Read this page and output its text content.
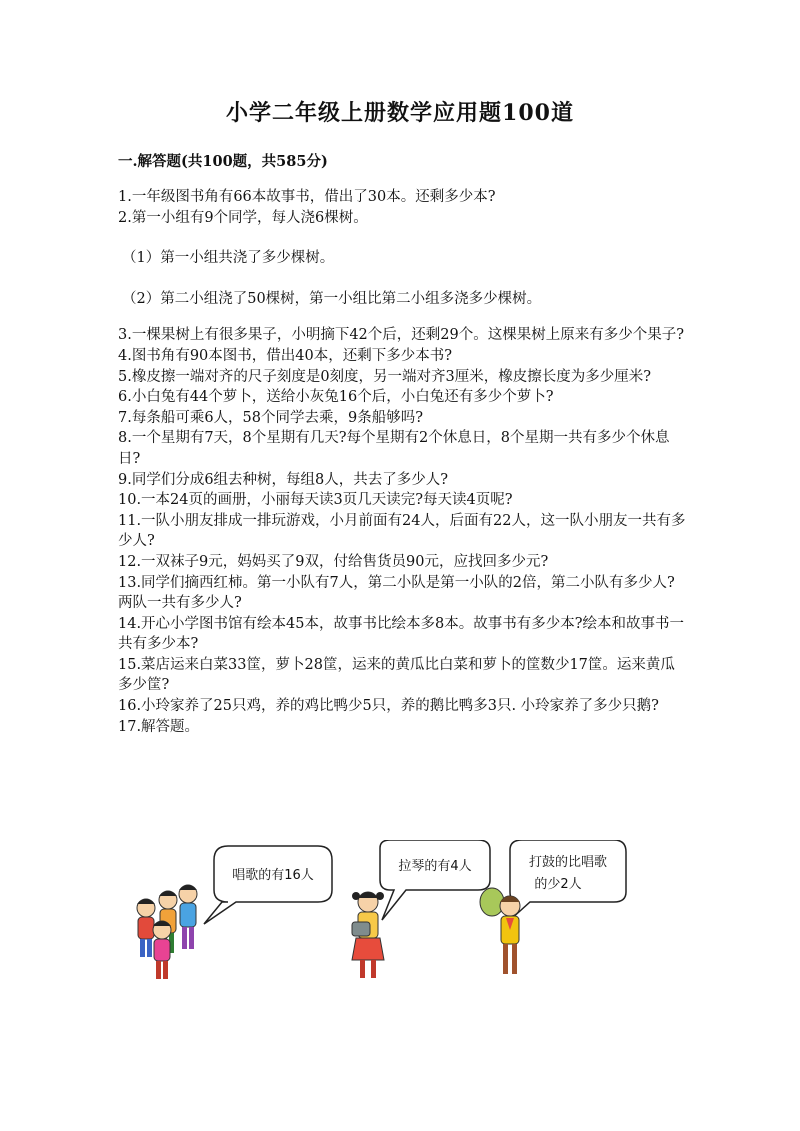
小学二年级上册数学应用题100道
一.解答题(共100题，共585分)

1.一年级图书角有66本故事书，借出了30本。还剩多少本?

2.第一小组有9个同学，每人浇6棵树。

（1）第一小组共浇了多少棵树。

（2）第二小组浇了50棵树，第一小组比第二小组多浇多少棵树。

3.一棵果树上有很多果子，小明摘下42个后，还剩29个。这棵果树上原来有多少个果子?

4.图书角有90本图书，借出40本，还剩下多少本书?

5.橡皮擦一端对齐的尺子刻度是0刻度，另一端对齐3厘米，橡皮擦长度为多少厘米?

6.小白兔有44个萝卜，送给小灰兔16个后，小白兔还有多少个萝卜?

7.每条船可乘6人，58个同学去乘，9条船够吗?

8.一个星期有7天，8个星期有几天?每个星期有2个休息日，8个星期一共有多少个休息日?

9.同学们分成6组去种树，每组8人，共去了多少人?

10.一本24页的画册，小丽每天读3页几天读完?每天读4页呢?

11.一队小朋友排成一排玩游戏，小月前面有24人，后面有22人，这一队小朋友一共有多少人?

12.一双袜子9元，妈妈买了9双，付给售货员90元，应找回多少元?

13.同学们摘西红柿。第一小队有7人，第二小队是第一小队的2倍，第二小队有多少人?两队一共有多少人?

14.开心小学图书馆有绘本45本，故事书比绘本多8本。故事书有多少本?绘本和故事书一共有多少本?

15.菜店运来白菜33筐，萝卜28筐，运来的黄瓜比白菜和萝卜的筐数少17筐。运来黄瓜多少筐?

16.小玲家养了25只鸡，养的鸡比鸭少5只，养的鹅比鸭多3只. 小玲家养了多少只鹅?

17.解答题。

唱歌的有16人
拉琴的有4人	打鼓的比唱歌
的少2人
